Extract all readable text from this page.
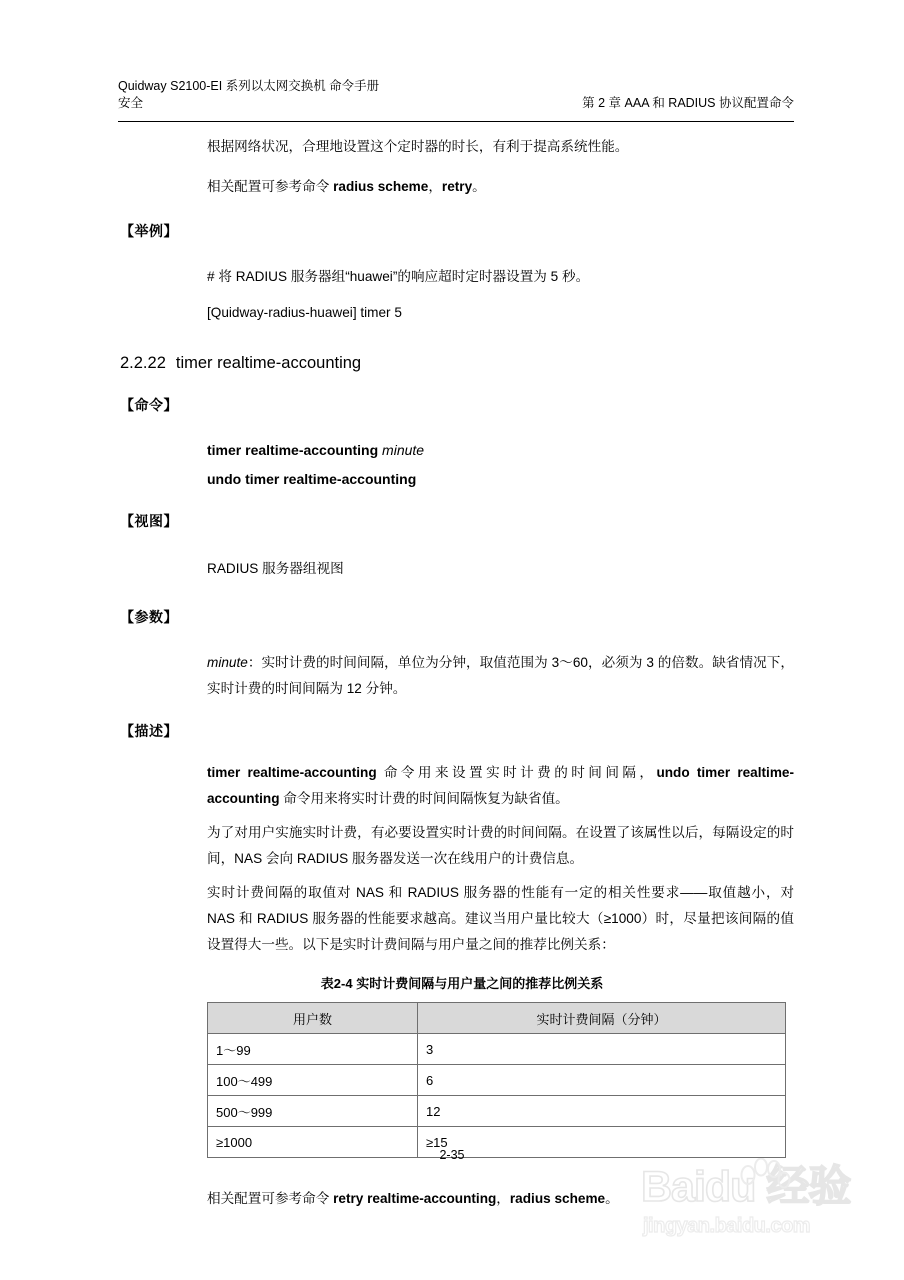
Quidway S2100-EI 系列以太网交换机 命令手册
安全	第 2 章 AAA 和 RADIUS 协议配置命令
根据网络状况，合理地设置这个定时器的时长，有利于提高系统性能。
相关配置可参考命令 radius scheme，retry。
【举例】
# 将 RADIUS 服务器组“huawei”的响应超时定时器设置为 5 秒。
[Quidway-radius-huawei] timer 5
2.2.22 timer realtime-accounting
【命令】
timer realtime-accounting minute
undo timer realtime-accounting
【视图】
RADIUS 服务器组视图
【参数】
minute：实时计费的时间间隔，单位为分钟，取值范围为 3～60，必须为 3 的倍数。缺省情况下，实时计费的时间间隔为 12 分钟。
【描述】
timer realtime-accounting 命令用来设置实时计费的时间间隔，undo timer realtime-accounting 命令用来将实时计费的时间间隔恢复为缺省值。
为了对用户实施实时计费，有必要设置实时计费的时间间隔。在设置了该属性以后，每隔设定的时间，NAS 会向 RADIUS 服务器发送一次在线用户的计费信息。
实时计费间隔的取值对 NAS 和 RADIUS 服务器的性能有一定的相关性要求——取值越小，对 NAS 和 RADIUS 服务器的性能要求越高。建议当用户量比较大（≥1000）时，尽量把该间隔的值设置得大一些。以下是实时计费间隔与用户量之间的推荐比例关系：
表2-4 实时计费间隔与用户量之间的推荐比例关系
用户数	实时计费间隔（分钟）
1～99	3
100～499	6
500～999	12
≥1000	≥15
相关配置可参考命令 retry realtime-accounting，radius scheme。
2-35
Baidu 经验
jingyan.baidu.com
